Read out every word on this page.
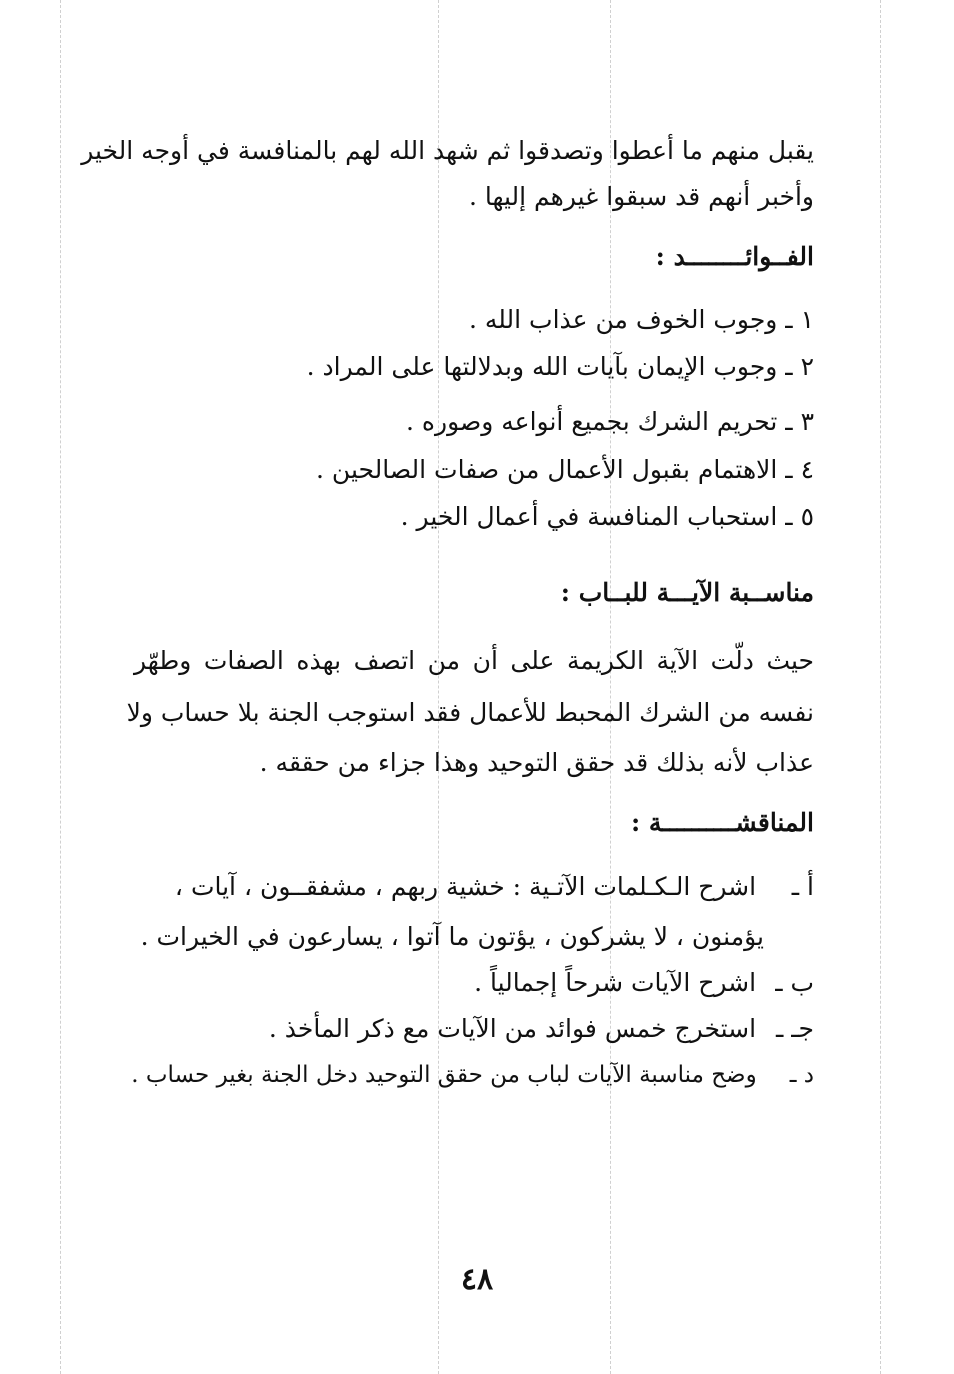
يقبل منهم ما أعطوا وتصدقوا ثم شهد الله لهم بالمنافسة في أوجه الخير
وأخبر أنهم قد سبقوا غيرهم إليها .
الفــوائــــــــد :
١ ـ وجوب الخوف من عذاب الله .
٢ ـ وجوب الإيمان بآيات الله وبدلالتها على المراد .
٣ ـ تحريم الشرك بجميع أنواعه وصوره .
٤ ـ الاهتمام بقبول الأعمال من صفات الصالحين .
٥ ـ استحباب المنافسة في أعمال الخير .
مناســبة الآيـــة للبــاب :
حيث دلّت الآية الكريمة على أن من اتصف بهذه الصفات وطهّر
نفسه من الشرك المحبط للأعمال فقد استوجب الجنة بلا حساب ولا
عذاب لأنه بذلك قد حقق التوحيد وهذا جزاء من حققه .
المناقشــــــــــة :
أ ـ اشرح الـكـلمات الآتـية : خشية ربهم ، مشفقــون ، آيات ،
يؤمنون ، لا يشركون ، يؤتون ما آتوا ، يسارعون في الخيرات .
ب ـ اشرح الآيات شرحاً إجمالياً .
جـ ـ استخرج خمس فوائد من الآيات مع ذكر المأخذ .
د ـ وضح مناسبة الآيات لباب من حقق التوحيد دخل الجنة بغير حساب .
٤٨
